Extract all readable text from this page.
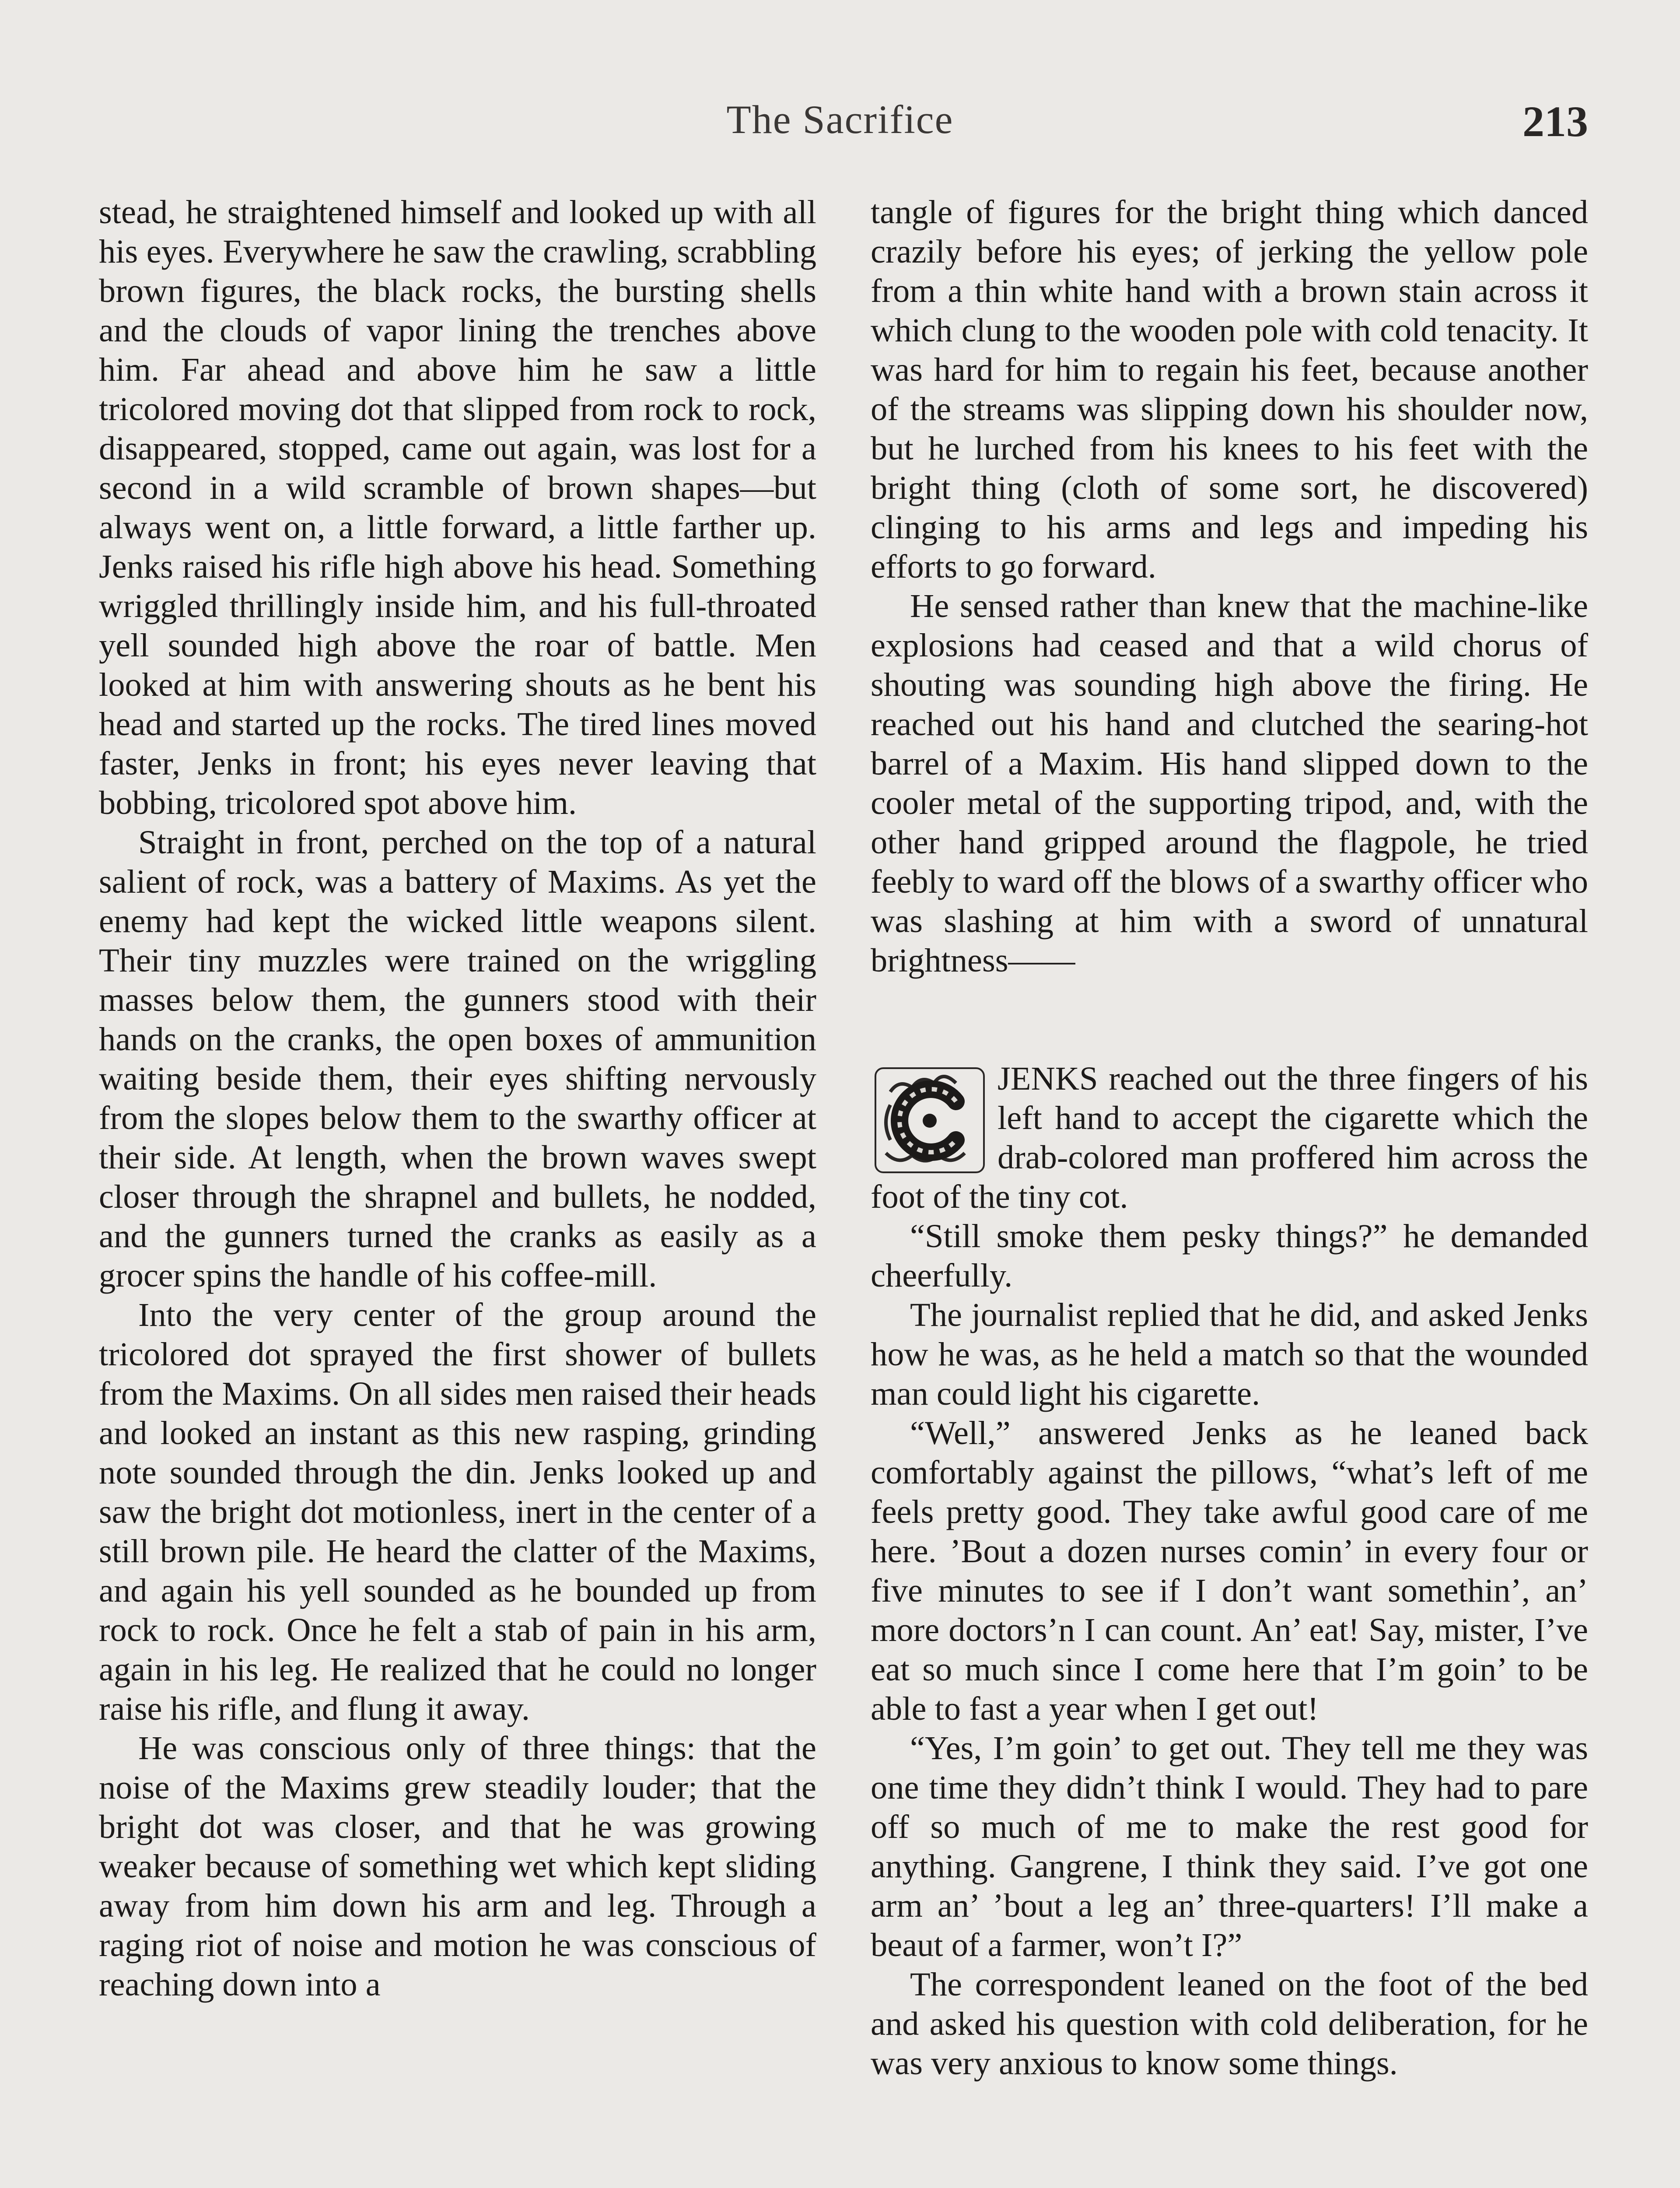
The Sacrifice	213

stead, he straightened himself and looked up with all his eyes. Everywhere he saw the crawling, scrabbling brown figures, the black rocks, the bursting shells and the clouds of vapor lining the trenches above him. Far ahead and above him he saw a little tricolored moving dot that slipped from rock to rock, disappeared, stopped, came out again, was lost for a second in a wild scramble of brown shapes—but always went on, a little forward, a little farther up. Jenks raised his rifle high above his head. Something wriggled thrillingly inside him, and his full-throated yell sounded high above the roar of battle. Men looked at him with answering shouts as he bent his head and started up the rocks. The tired lines moved faster, Jenks in front; his eyes never leaving that bobbing, tricolored spot above him.

Straight in front, perched on the top of a natural salient of rock, was a battery of Maxims. As yet the enemy had kept the wicked little weapons silent. Their tiny muzzles were trained on the wriggling masses below them, the gunners stood with their hands on the cranks, the open boxes of ammunition waiting beside them, their eyes shifting nervously from the slopes below them to the swarthy officer at their side. At length, when the brown waves swept closer through the shrapnel and bullets, he nodded, and the gunners turned the cranks as easily as a grocer spins the handle of his coffee-mill.

Into the very center of the group around the tricolored dot sprayed the first shower of bullets from the Maxims. On all sides men raised their heads and looked an instant as this new rasping, grinding note sounded through the din. Jenks looked up and saw the bright dot motionless, inert in the center of a still brown pile. He heard the clatter of the Maxims, and again his yell sounded as he bounded up from rock to rock. Once he felt a stab of pain in his arm, again in his leg. He realized that he could no longer raise his rifle, and flung it away.

He was conscious only of three things: that the noise of the Maxims grew steadily louder; that the bright dot was closer, and that he was growing weaker because of something wet which kept sliding away from him down his arm and leg. Through a raging riot of noise and motion he was conscious of reaching down into a

tangle of figures for the bright thing which danced crazily before his eyes; of jerking the yellow pole from a thin white hand with a brown stain across it which clung to the wooden pole with cold tenacity. It was hard for him to regain his feet, because another of the streams was slipping down his shoulder now, but he lurched from his knees to his feet with the bright thing (cloth of some sort, he discovered) clinging to his arms and legs and impeding his efforts to go forward.

He sensed rather than knew that the machine-like explosions had ceased and that a wild chorus of shouting was sounding high above the firing. He reached out his hand and clutched the searing-hot barrel of a Maxim. His hand slipped down to the cooler metal of the supporting tripod, and, with the other hand gripped around the flagpole, he tried feebly to ward off the blows of a swarthy officer who was slashing at him with a sword of unnatural brightness——

JENKS reached out the three fingers of his left hand to accept the cigarette which the drab-colored man proffered him across the foot of the tiny cot.

“Still smoke them pesky things?” he demanded cheerfully.

The journalist replied that he did, and asked Jenks how he was, as he held a match so that the wounded man could light his cigarette.

“Well,” answered Jenks as he leaned back comfortably against the pillows, “what’s left of me feels pretty good. They take awful good care of me here. ’Bout a dozen nurses comin’ in every four or five minutes to see if I don’t want somethin’, an’ more doctors’n I can count. An’ eat! Say, mister, I’ve eat so much since I come here that I’m goin’ to be able to fast a year when I get out!

“Yes, I’m goin’ to get out. They tell me they was one time they didn’t think I would. They had to pare off so much of me to make the rest good for anything. Gangrene, I think they said. I’ve got one arm an’ ’bout a leg an’ three-quarters! I’ll make a beaut of a farmer, won’t I?”

The correspondent leaned on the foot of the bed and asked his question with cold deliberation, for he was very anxious to know some things.
